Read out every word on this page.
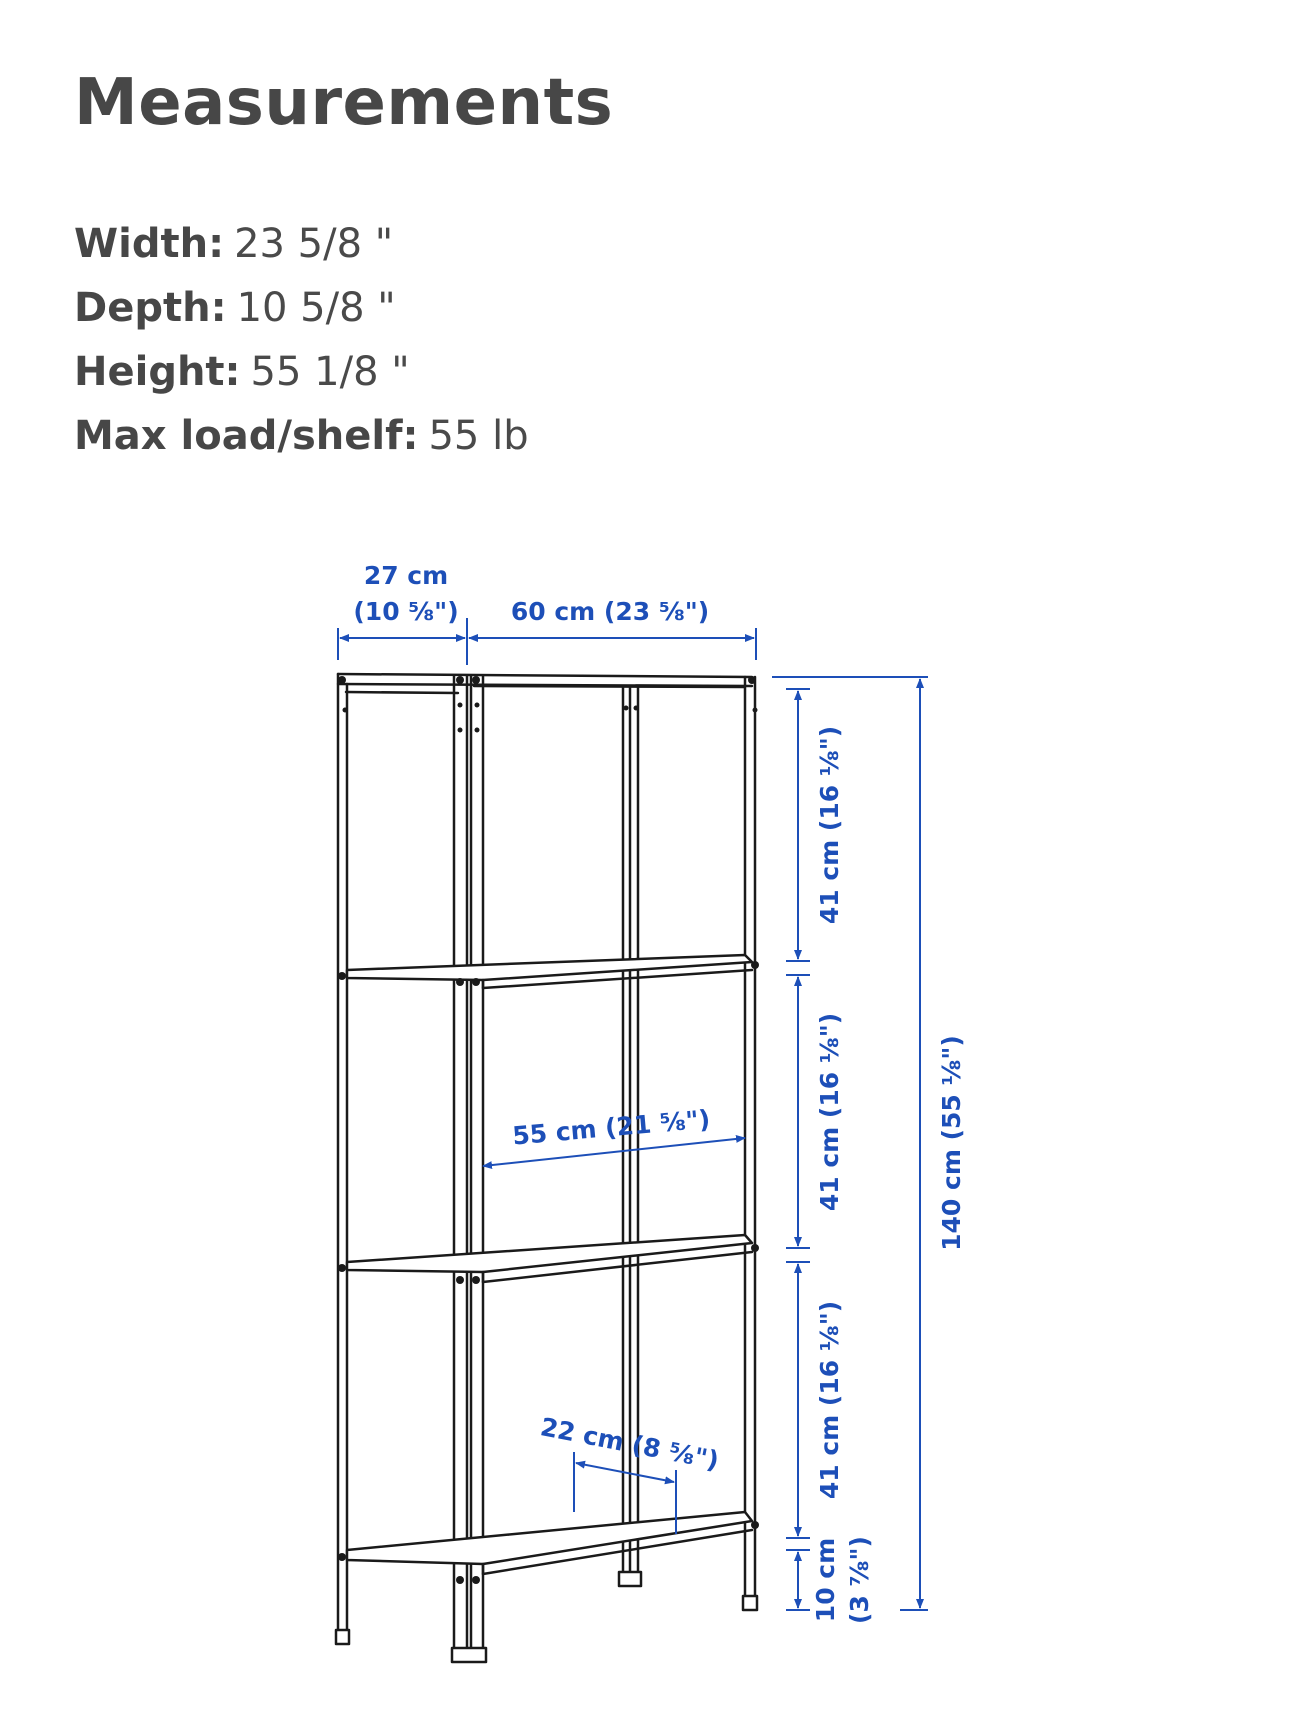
Measurements
Width: 23 5/8 "
Depth: 10 5/8 "
Height: 55 1/8 "
Max load/shelf: 55 lb
27 cm
(10 ⅝") 60 cm (23 ⅝")
55 cm (21 ⅝")
22 cm (8 ⅝")
41 cm (16 ⅛")
41 cm (16 ⅛")
41 cm (16 ⅛")
10 cm (3 ⅞")
140 cm (55 ⅛")
